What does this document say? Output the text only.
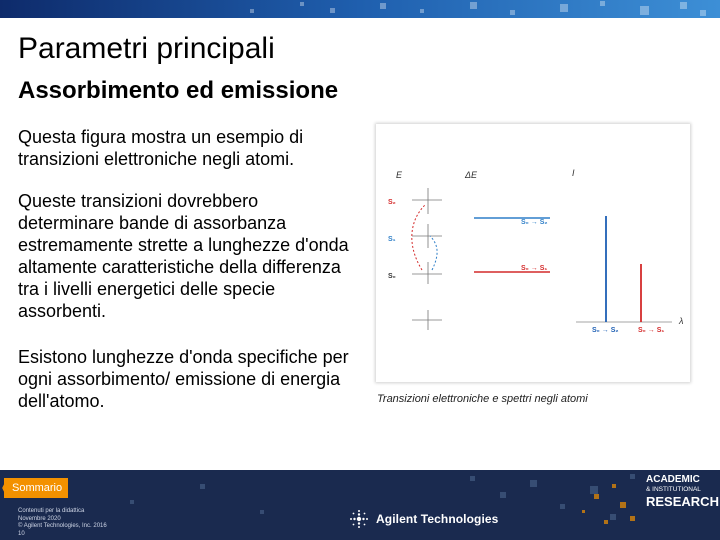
Parametri principali
Assorbimento ed emissione

Questa figura mostra un esempio di transizioni elettroniche negli atomi.

Queste transizioni dovrebbero determinare bande di assorbanza estremamente strette a lunghezze d'onda altamente caratteristiche della differenza tra i livelli energetici delle specie assorbenti.

Esistono lunghezze d'onda specifiche per ogni assorbimento/ emissione di energia dell'atomo.

E	ΔE	I
λ
S₂
S₁
S₀
S₀ → S₂
S₀ → S₁
S₀ → S₂	S₀ → S₁
Transizioni elettroniche e spettri negli atomi
Sommario
Contenuti per la didattica
Novembre 2020
© Agilent Technologies, Inc. 2016
10
Agilent Technologies
ACADEMIC
& INSTITUTIONAL
RESEARCH
